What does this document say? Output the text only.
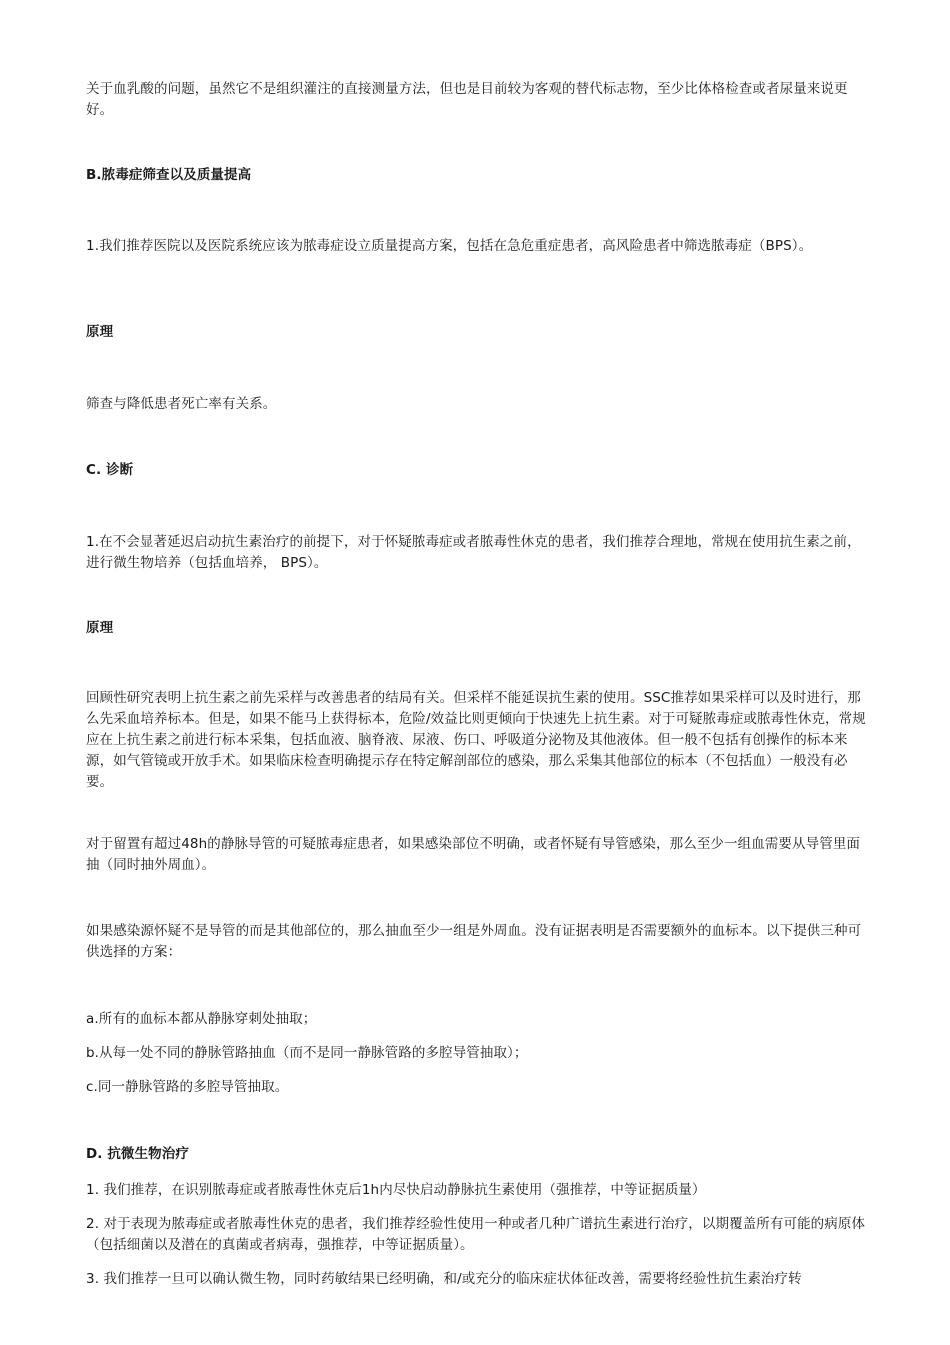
关于血乳酸的问题，虽然它不是组织灌注的直接测量方法，但也是目前较为客观的替代标志物，至少比体格检查或者尿量来说更好。

B.脓毒症筛查以及质量提高

1.我们推荐医院以及医院系统应该为脓毒症设立质量提高方案，包括在急危重症患者，高风险患者中筛选脓毒症（BPS）。

原理

筛查与降低患者死亡率有关系。

C. 诊断

1.在不会显著延迟启动抗生素治疗的前提下，对于怀疑脓毒症或者脓毒性休克的患者，我们推荐合理地，常规在使用抗生素之前，进行微生物培养（包括血培养， BPS）。

原理

回顾性研究表明上抗生素之前先采样与改善患者的结局有关。但采样不能延误抗生素的使用。SSC推荐如果采样可以及时进行，那么先采血培养标本。但是，如果不能马上获得标本，危险/效益比则更倾向于快速先上抗生素。对于可疑脓毒症或脓毒性休克，常规应在上抗生素之前进行标本采集，包括血液、脑脊液、尿液、伤口、呼吸道分泌物及其他液体。但一般不包括有创操作的标本来源，如气管镜或开放手术。如果临床检查明确提示存在特定解剖部位的感染，那么采集其他部位的标本（不包括血）一般没有必要。

对于留置有超过48h的静脉导管的可疑脓毒症患者，如果感染部位不明确，或者怀疑有导管感染，那么至少一组血需要从导管里面抽（同时抽外周血）。

如果感染源怀疑不是导管的而是其他部位的，那么抽血至少一组是外周血。没有证据表明是否需要额外的血标本。以下提供三种可供选择的方案：

a.所有的血标本都从静脉穿刺处抽取；

b.从每一处不同的静脉管路抽血（而不是同一静脉管路的多腔导管抽取）；

c.同一静脉管路的多腔导管抽取。

D. 抗微生物治疗

1. 我们推荐，在识别脓毒症或者脓毒性休克后1h内尽快启动静脉抗生素使用（强推荐，中等证据质量）

2. 对于表现为脓毒症或者脓毒性休克的患者，我们推荐经验性使用一种或者几种广谱抗生素进行治疗，以期覆盖所有可能的病原体（包括细菌以及潜在的真菌或者病毒，强推荐，中等证据质量）。

3. 我们推荐一旦可以确认微生物，同时药敏结果已经明确，和/或充分的临床症状体征改善，需要将经验性抗生素治疗转
